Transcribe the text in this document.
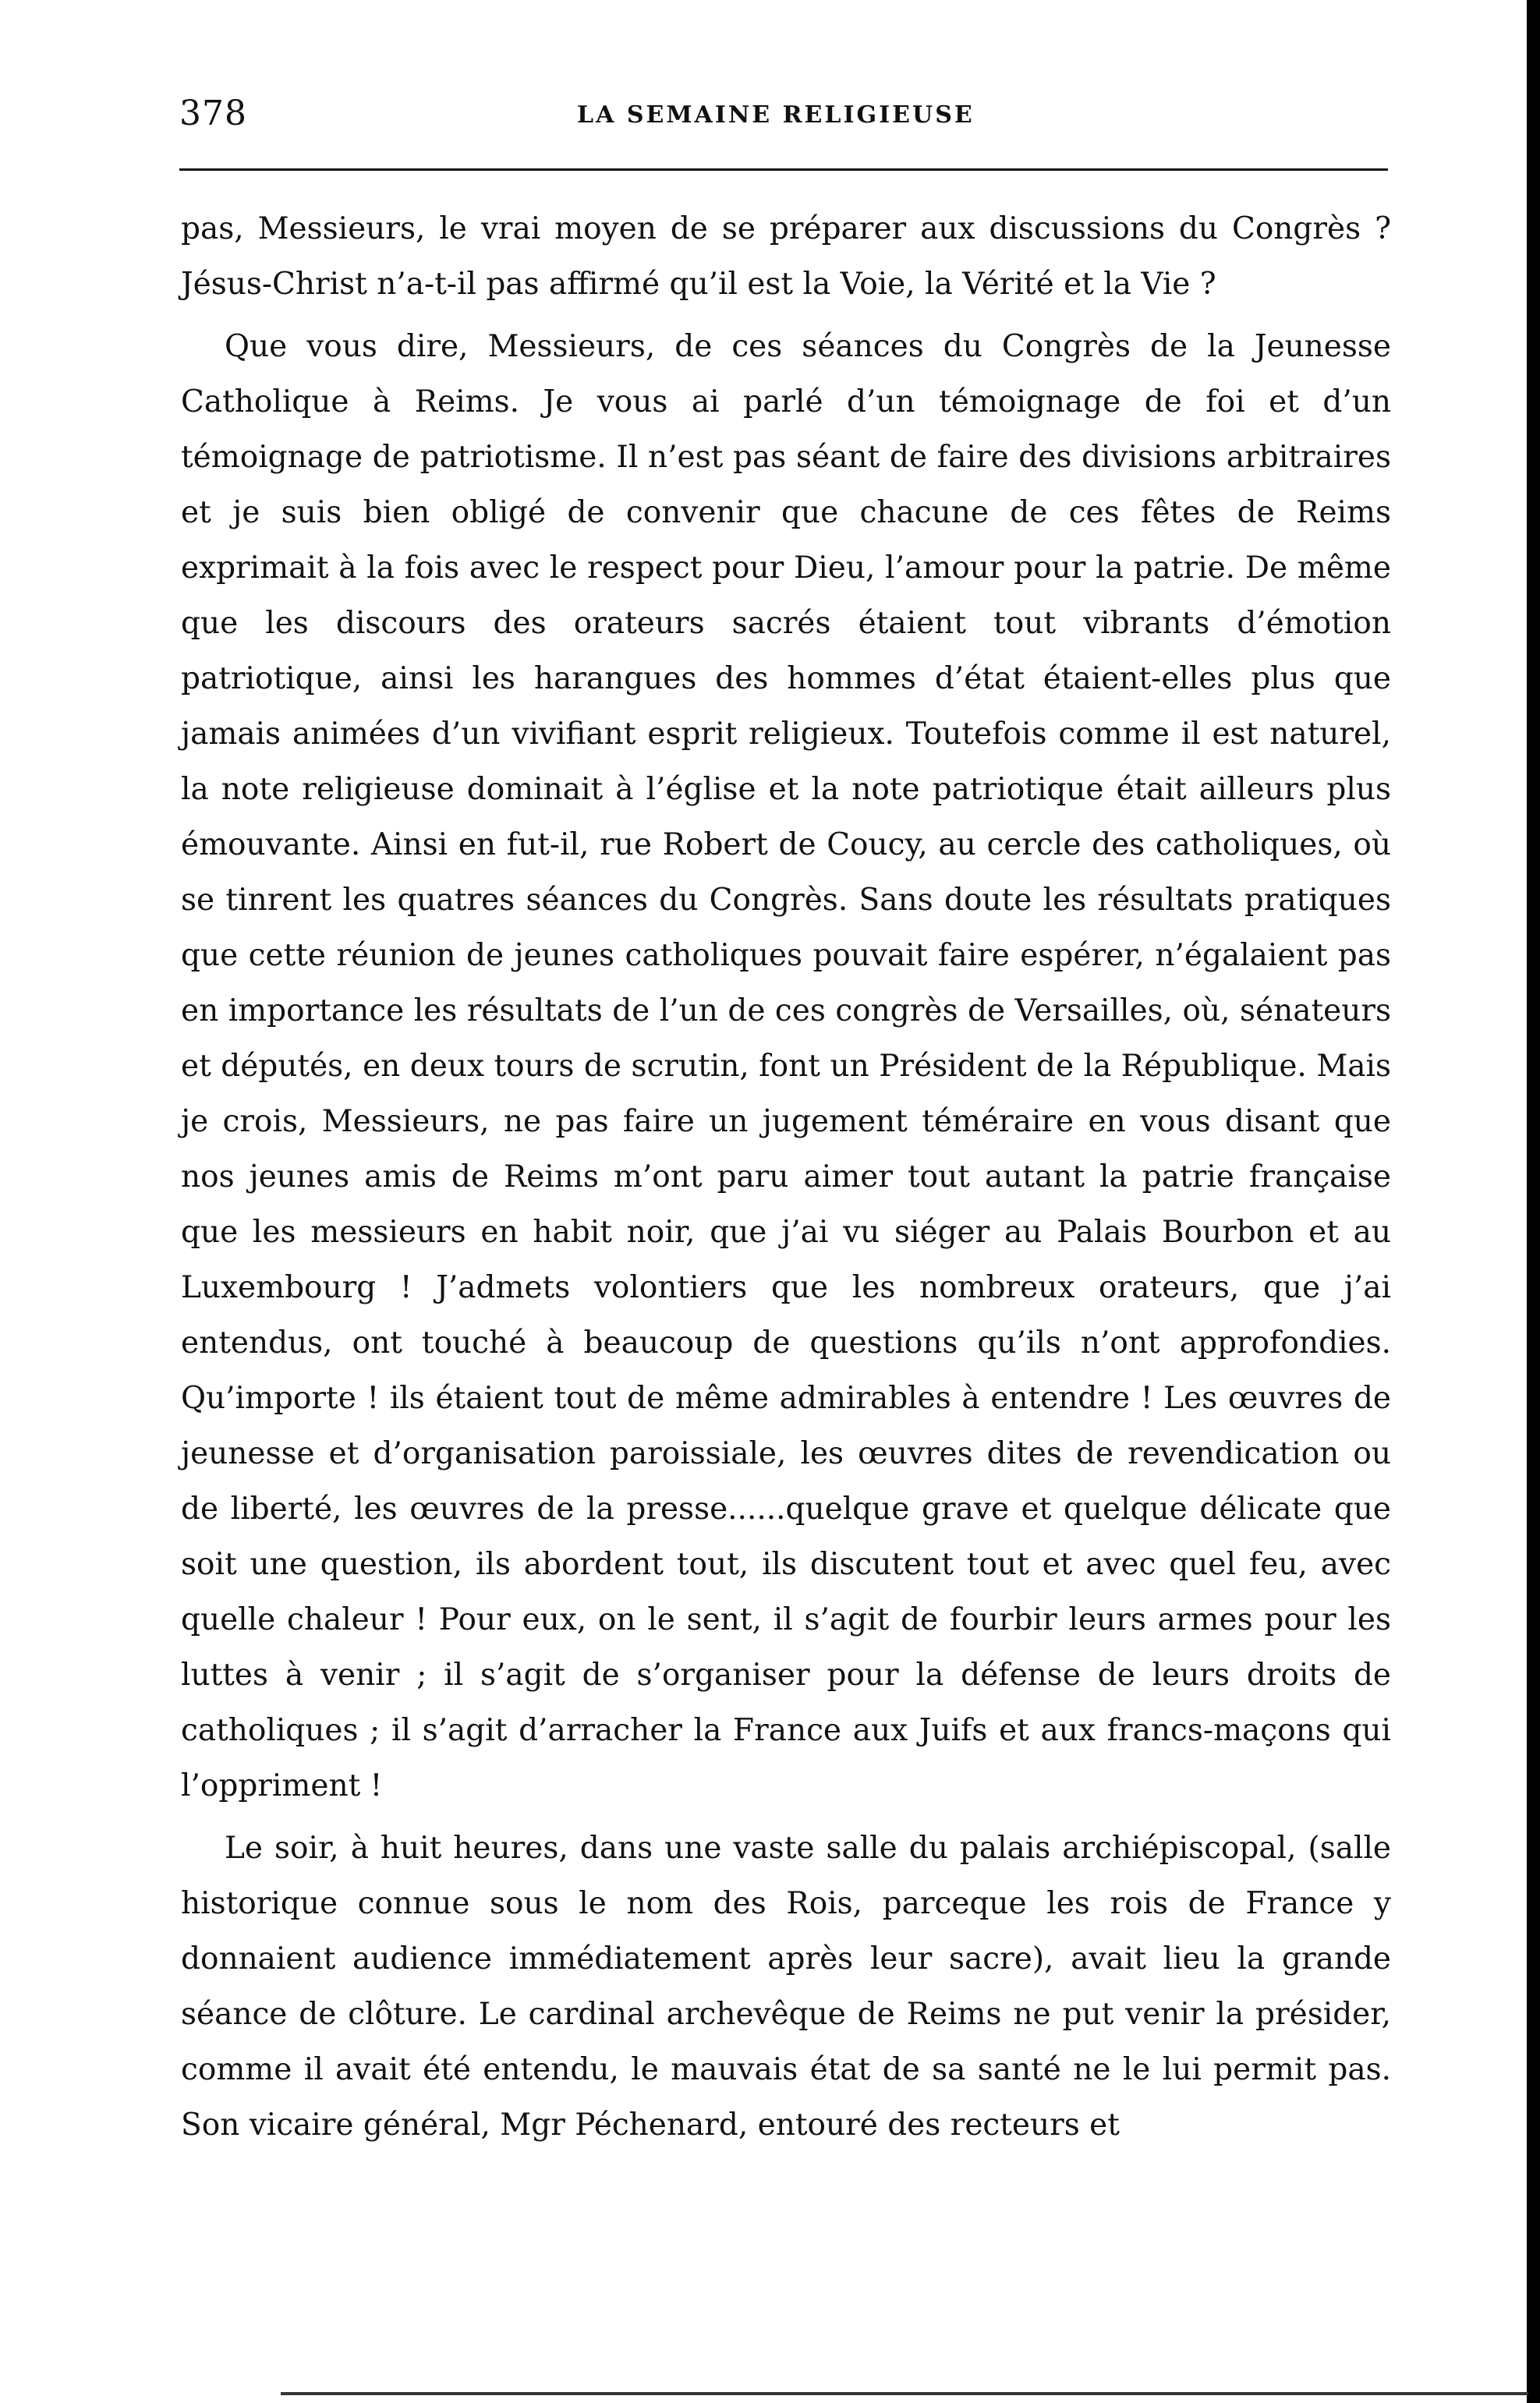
378	LA SEMAINE RELIGIEUSE

pas, Messieurs, le vrai moyen de se préparer aux discussions du Congrès ? Jésus-Christ n’a-t-il pas affirmé qu’il est la Voie, la Vérité et la Vie ?

Que vous dire, Messieurs, de ces séances du Congrès de la Jeunesse Catholique à Reims. Je vous ai parlé d’un témoignage de foi et d’un témoignage de patriotisme. Il n’est pas séant de faire des divisions arbitraires et je suis bien obligé de convenir que chacune de ces fêtes de Reims exprimait à la fois avec le respect pour Dieu, l’amour pour la patrie. De même que les discours des orateurs sacrés étaient tout vibrants d’émotion patriotique, ainsi les harangues des hommes d’état étaient-elles plus que jamais animées d’un vivifiant esprit religieux. Toutefois comme il est naturel, la note religieuse dominait à l’église et la note patriotique était ailleurs plus émouvante. Ainsi en fut-il, rue Robert de Coucy, au cercle des catholiques, où se tinrent les quatres séances du Congrès. Sans doute les résultats pratiques que cette réunion de jeunes catholiques pouvait faire espérer, n’égalaient pas en importance les résultats de l’un de ces congrès de Versailles, où, sénateurs et députés, en deux tours de scrutin, font un Président de la République. Mais je crois, Messieurs, ne pas faire un jugement téméraire en vous disant que nos jeunes amis de Reims m’ont paru aimer tout autant la patrie française que les messieurs en habit noir, que j’ai vu siéger au Palais Bourbon et au Luxembourg ! J’admets volontiers que les nombreux orateurs, que j’ai entendus, ont touché à beaucoup de questions qu’ils n’ont approfondies. Qu’importe ! ils étaient tout de même admirables à entendre ! Les œuvres de jeunesse et d’organisation paroissiale, les œuvres dites de revendication ou de liberté, les œuvres de la presse......quelque grave et quelque délicate que soit une question, ils abordent tout, ils discutent tout et avec quel feu, avec quelle chaleur ! Pour eux, on le sent, il s’agit de fourbir leurs armes pour les luttes à venir ; il s’agit de s’organiser pour la défense de leurs droits de catholiques ; il s’agit d’arracher la France aux Juifs et aux francs-maçons qui l’oppriment !

Le soir, à huit heures, dans une vaste salle du palais archiépiscopal, (salle historique connue sous le nom des Rois, parceque les rois de France y donnaient audience immédiatement après leur sacre), avait lieu la grande séance de clôture. Le cardinal archevêque de Reims ne put venir la présider, comme il avait été entendu, le mauvais état de sa santé ne le lui permit pas. Son vicaire général, Mgr Péchenard, entouré des recteurs et
